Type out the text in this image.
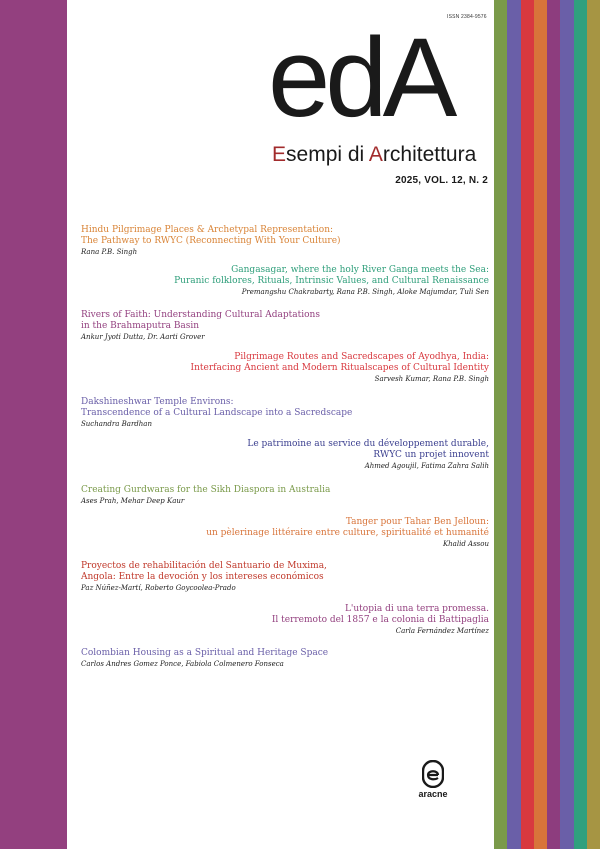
ISSN 2384-9576
edA
Esempi di Architettura
2025, VOL. 12, N. 2
Hindu Pilgrimage Places & Archetypal Representation:
The Pathway to RWYC (Reconnecting With Your Culture)
Rana P.B. Singh
Gangasagar, where the holy River Ganga meets the Sea:
Puranic folklores, Rituals, Intrinsic Values, and Cultural Renaissance
Premangshu Chakrabarty, Rana P.B. Singh, Aloke Majumdar, Tuli Sen
Rivers of Faith: Understanding Cultural Adaptations
in the Brahmaputra Basin
Ankur Jyoti Dutta, Dr. Aarti Grover
Pilgrimage Routes and Sacredscapes of Ayodhya, India:
Interfacing Ancient and Modern Ritualscapes of Cultural Identity
Sarvesh Kumar, Rana P.B. Singh
Dakshineshwar Temple Environs:
Transcendence of a Cultural Landscape into a Sacredscape
Suchandra Bardhan
Le patrimoine au service du développement durable,
RWYC un projet innovent
Ahmed Agoujil, Fatima Zahra Salih
Creating Gurdwaras for the Sikh Diaspora in Australia
Ases Prah, Mehar Deep Kaur
Tanger pour Tahar Ben Jelloun:
un pèlerinage littéraire entre culture, spiritualité et humanité
Khalid Assou
Proyectos de rehabilitación del Santuario de Muxima,
Angola: Entre la devoción y los intereses económicos
Paz Núñez-Martí, Roberto Goycoolea-Prado
L'utopia di una terra promessa.
Il terremoto del 1857 e la colonia di Battipaglia
Carla Fernández Martínez
Colombian Housing as a Spiritual and Heritage Space
Carlos Andres Gomez Ponce, Fabiola Colmenero Fonseca
aracne
